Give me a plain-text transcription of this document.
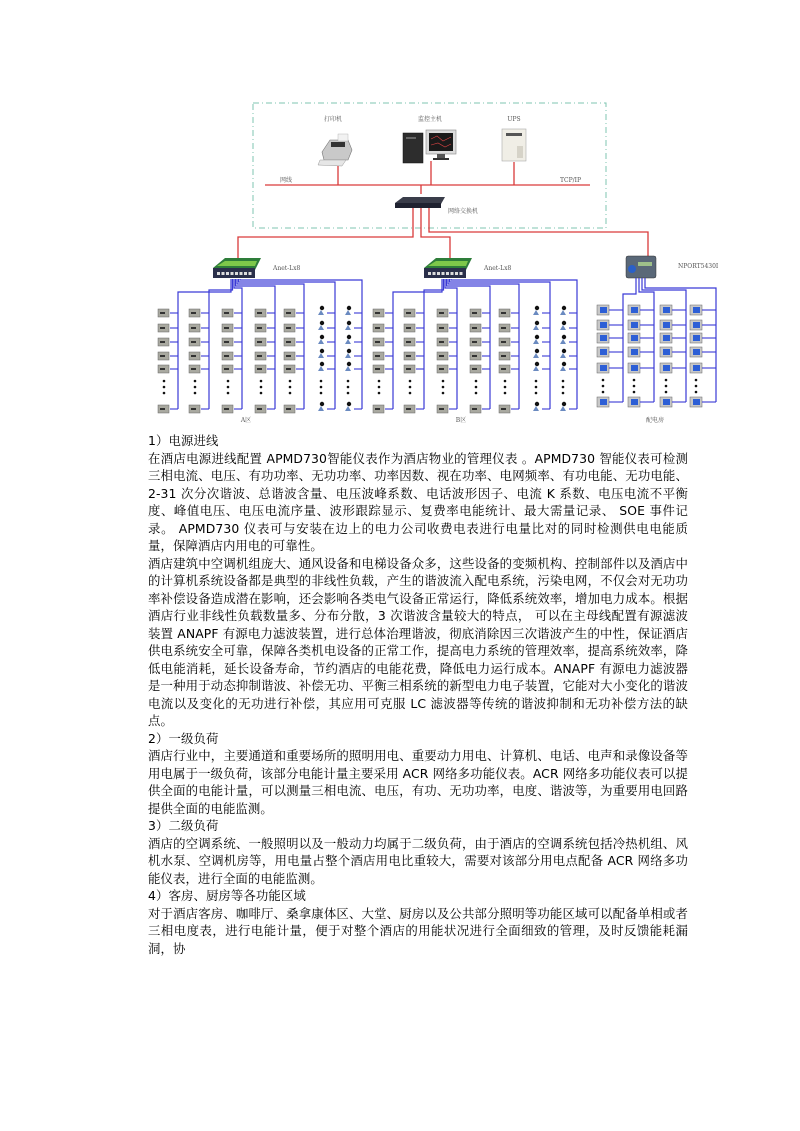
打印机	监控主机	UPS
网线	TCP/IP
网络交换机
Anet-Lx8
A区
Anet-Lx8
B区
NPORT5430I
配电房

1）电源进线

在酒店电源进线配置 APMD730智能仪表作为酒店物业的管理仪表 。APMD730 智能仪表可检测三相电流、电压、有功功率、无功功率、功率因数、视在功率、电网频率、有功电能、无功电能、 2-31 次分次谐波、总谐波含量、电压波峰系数、电话波形因子、电流 K 系数、电压电流不平衡度、峰值电压、电压电流序量、波形跟踪显示、复费率电能统计、最大需量记录、 SOE 事件记录。 APMD730 仪表可与安装在边上的电力公司收费电表进行电量比对的同时检测供电电能质量，保障酒店内用电的可靠性。

酒店建筑中空调机组庞大、通风设备和电梯设备众多，这些设备的变频机构、控制部件以及酒店中的计算机系统设备都是典型的非线性负载，产生的谐波流入配电系统，污染电网，不仅会对无功功率补偿设备造成潜在影响，还会影响各类电气设备正常运行，降低系统效率，增加电力成本。根据酒店行业非线性负载数量多、分布分散，3 次谐波含量较大的特点， 可以在主母线配置有源滤波装置 ANAPF 有源电力滤波装置，进行总体治理谐波，彻底消除因三次谐波产生的中性，保证酒店供电系统安全可靠，保障各类机电设备的正常工作，提高电力系统的管理效率，提高系统效率，降低电能消耗，延长设备寿命，节约酒店的电能花费，降低电力运行成本。ANAPF 有源电力滤波器是一种用于动态抑制谐波、补偿无功、平衡三相系统的新型电力电子装置，它能对大小变化的谐波电流以及变化的无功进行补偿，其应用可克服 LC 滤波器等传统的谐波抑制和无功补偿方法的缺点。

2）一级负荷

酒店行业中，主要通道和重要场所的照明用电、重要动力用电、计算机、电话、电声和录像设备等用电属于一级负荷，该部分电能计量主要采用 ACR 网络多功能仪表。ACR 网络多功能仪表可以提供全面的电能计量，可以测量三相电流、电压，有功、无功功率，电度、谐波等，为重要用电回路提供全面的电能监测。

3）二级负荷

酒店的空调系统、一般照明以及一般动力均属于二级负荷，由于酒店的空调系统包括冷热机组、风机水泵、空调机房等，用电量占整个酒店用电比重较大，需要对该部分用电点配备 ACR 网络多功能仪表，进行全面的电能监测。

4）客房、厨房等各功能区域

对于酒店客房、咖啡厅、桑拿康体区、大堂、厨房以及公共部分照明等功能区域可以配备单相或者三相电度表，进行电能计量，便于对整个酒店的用能状况进行全面细致的管理，及时反馈能耗漏洞，协
